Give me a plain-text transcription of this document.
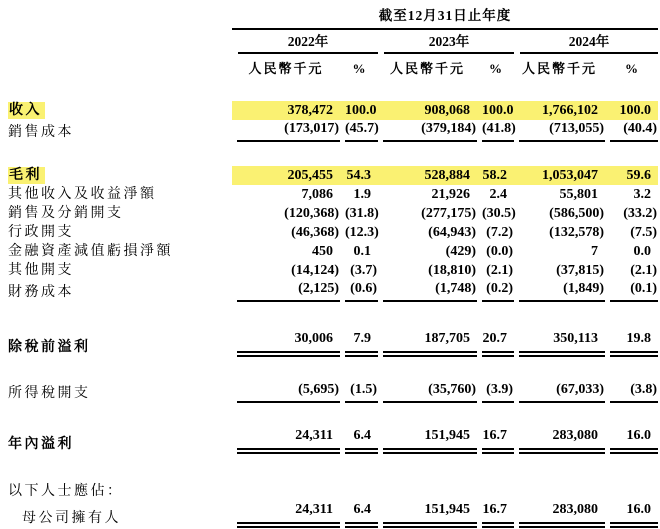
	截至12月31日止年度					

	2022年		2023年		2024年	

	人民幣千元	%	人民幣千元	%	人民幣千元	%

收入	378,472	100.0	908,068	100.0	1,766,102	100.0

銷售成本	(173,017)	(45.7)	(379,184)	(41.8)	(713,055)	(40.4)

毛利	205,455	54.3	528,884	58.2	1,053,047	59.6

其他收入及收益淨額	7,086	1.9	21,926	2.4	55,801	3.2

銷售及分銷開支	(120,368)	(31.8)	(277,175)	(30.5)	(586,500)	(33.2)

行政開支	(46,368)	(12.3)	(64,943)	(7.2)	(132,578)	(7.5)

金融資產減值虧損淨額	450	0.1	(429)	(0.0)	7	0.0

其他開支	(14,124)	(3.7)	(18,810)	(2.1)	(37,815)	(2.1)

財務成本	(2,125)	(0.6)	(1,748)	(0.2)	(1,849)	(0.1)

除稅前溢利	30,006	7.9	187,705	20.7	350,113	19.8

所得稅開支	(5,695)	(1.5)	(35,760)	(3.9)	(67,033)	(3.8)

年內溢利	24,311	6.4	151,945	16.7	283,080	16.0

以下人士應佔：						
母公司擁有人	24,311	6.4	151,945	16.7	283,080	16.0
